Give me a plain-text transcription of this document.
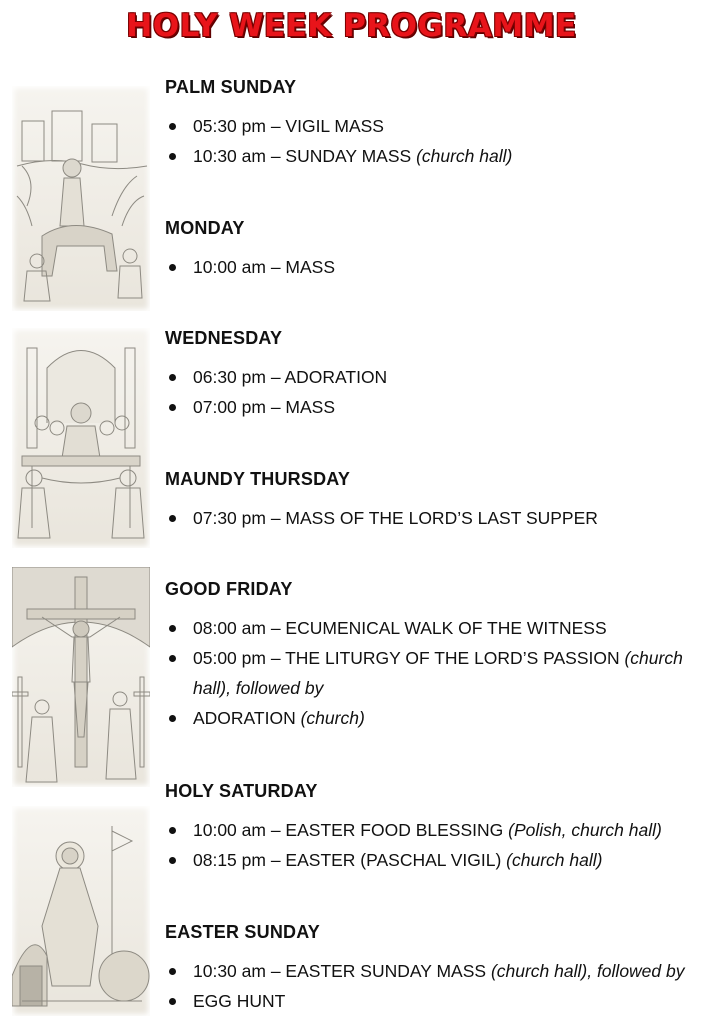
HOLY WEEK PROGRAMME
PALM SUNDAY
05:30 pm – VIGIL MASS
10:30 am – SUNDAY MASS (church hall)
MONDAY
10:00 am – MASS
WEDNESDAY
06:30 pm – ADORATION
07:00 pm – MASS
MAUNDY THURSDAY
07:30 pm – MASS OF THE LORD’S LAST SUPPER
GOOD FRIDAY
08:00 am – ECUMENICAL WALK OF THE WITNESS
05:00 pm – THE LITURGY OF THE LORD’S PASSION (church hall), followed by
ADORATION (church)
HOLY SATURDAY
10:00 am – EASTER FOOD BLESSING (Polish, church hall)
08:15 pm – EASTER (PASCHAL VIGIL) (church hall)
EASTER SUNDAY
10:30 am – EASTER SUNDAY MASS (church hall), followed by
EGG HUNT
